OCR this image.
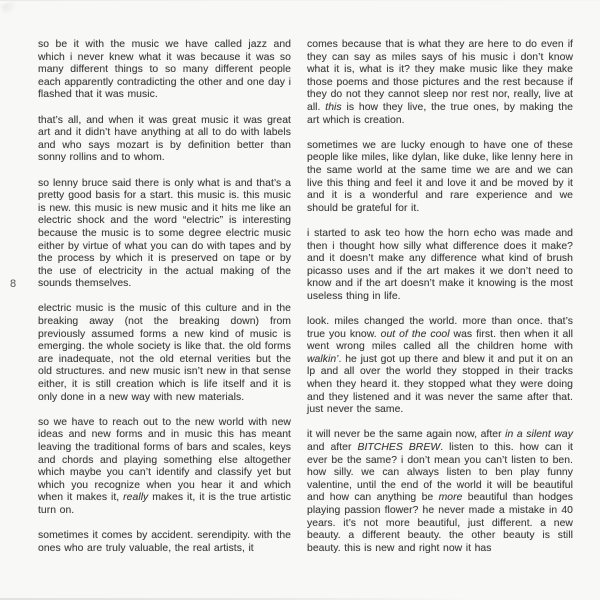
8

so be it with the music we have called jazz and which i never knew what it was because it was so many different things to so many different people each apparently contradicting the other and one day i flashed that it was music.

that’s all, and when it was great music it was great art and it didn’t have anything at all to do with labels and who says mozart is by definition better than sonny rollins and to whom.

so lenny bruce said there is only what is and that’s a pretty good basis for a start. this music is. this music is new. this music is new music and it hits me like an electric shock and the word “electric” is interesting because the music is to some degree electric music either by virtue of what you can do with tapes and by the process by which it is preserved on tape or by the use of electricity in the actual making of the sounds themselves.

electric music is the music of this culture and in the breaking away (not the breaking down) from previously assumed forms a new kind of music is emerging. the whole society is like that. the old forms are inadequate, not the old eternal verities but the old structures. and new music isn’t new in that sense either, it is still creation which is life itself and it is only done in a new way with new materials.

so we have to reach out to the new world with new ideas and new forms and in music this has meant leaving the traditional forms of bars and scales, keys and chords and playing something else altogether which maybe you can’t identify and classify yet but which you recognize when you hear it and which when it makes it, really makes it, it is the true artistic turn on.

sometimes it comes by accident. serendipity. with the ones who are truly valuable, the real artists, it

comes because that is what they are here to do even if they can say as miles says of his music i don’t know what it is, what is it? they make music like they make those poems and those pictures and the rest because if they do not they cannot sleep nor rest nor, really, live at all. this is how they live, the true ones, by making the art which is creation.

sometimes we are lucky enough to have one of these people like miles, like dylan, like duke, like lenny here in the same world at the same time we are and we can live this thing and feel it and love it and be moved by it and it is a wonderful and rare experience and we should be grateful for it.

i started to ask teo how the horn echo was made and then i thought how silly what difference does it make? and it doesn’t make any difference what kind of brush picasso uses and if the art makes it we don’t need to know and if the art doesn’t make it knowing is the most useless thing in life.

look. miles changed the world. more than once. that’s true you know. out of the cool was first. then when it all went wrong miles called all the children home with walkin’. he just got up there and blew it and put it on an lp and all over the world they stopped in their tracks when they heard it. they stopped what they were doing and they listened and it was never the same after that. just never the same.

it will never be the same again now, after in a silent way and after BITCHES BREW. listen to this. how can it ever be the same? i don’t mean you can’t listen to ben. how silly. we can always listen to ben play funny valentine, until the end of the world it will be beautiful and how can anything be more beautiful than hodges playing passion flower? he never made a mistake in 40 years. it’s not more beautiful, just different. a new beauty. a different beauty. the other beauty is still beauty. this is new and right now it has
